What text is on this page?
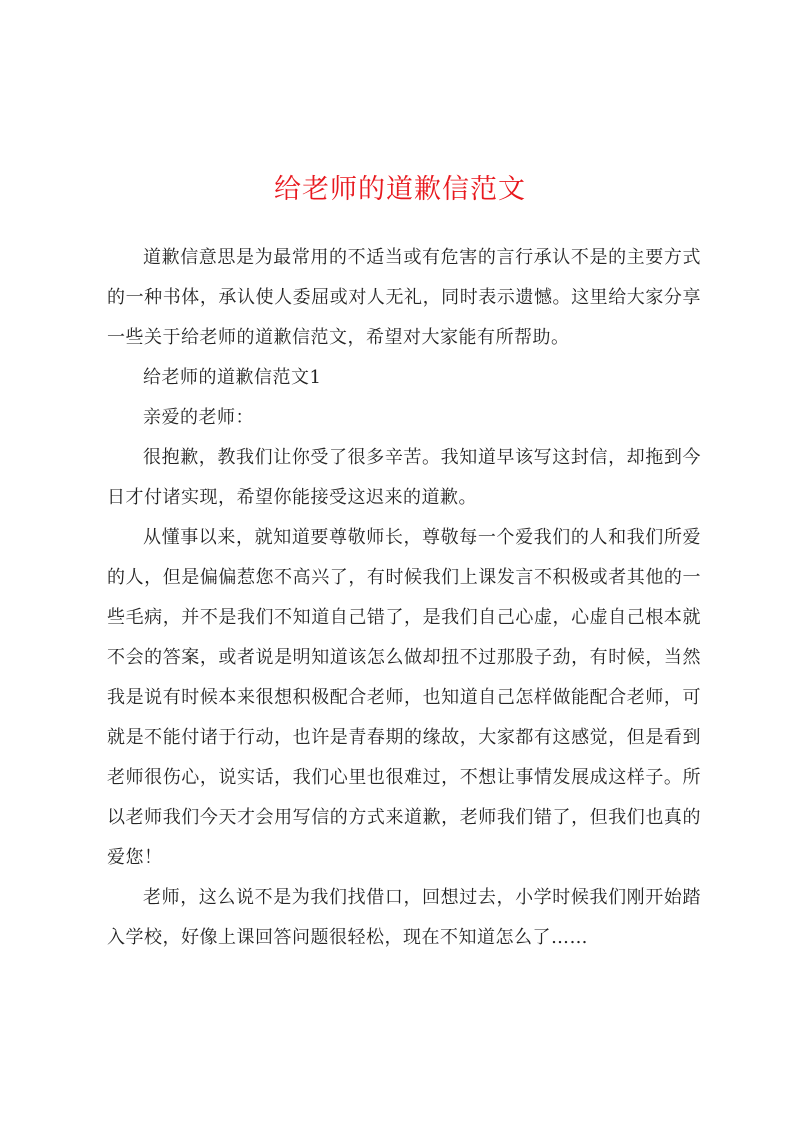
给老师的道歉信范文

道歉信意思是为最常用的不适当或有危害的言行承认不是的主要方式的一种书体，承认使人委屈或对人无礼，同时表示遗憾。这里给大家分享一些关于给老师的道歉信范文，希望对大家能有所帮助。

给老师的道歉信范文1

亲爱的老师：

很抱歉，教我们让你受了很多辛苦。我知道早该写这封信，却拖到今日才付诸实现，希望你能接受这迟来的道歉。

从懂事以来，就知道要尊敬师长，尊敬每一个爱我们的人和我们所爱的人，但是偏偏惹您不高兴了，有时候我们上课发言不积极或者其他的一些毛病，并不是我们不知道自己错了，是我们自己心虚，心虚自己根本就不会的答案，或者说是明知道该怎么做却扭不过那股子劲，有时候，当然我是说有时候本来很想积极配合老师，也知道自己怎样做能配合老师，可就是不能付诸于行动，也许是青春期的缘故，大家都有这感觉，但是看到老师很伤心，说实话，我们心里也很难过，不想让事情发展成这样子。所以老师我们今天才会用写信的方式来道歉，老师我们错了，但我们也真的爱您！

老师，这么说不是为我们找借口，回想过去，小学时候我们刚开始踏入学校，好像上课回答问题很轻松，现在不知道怎么了……
